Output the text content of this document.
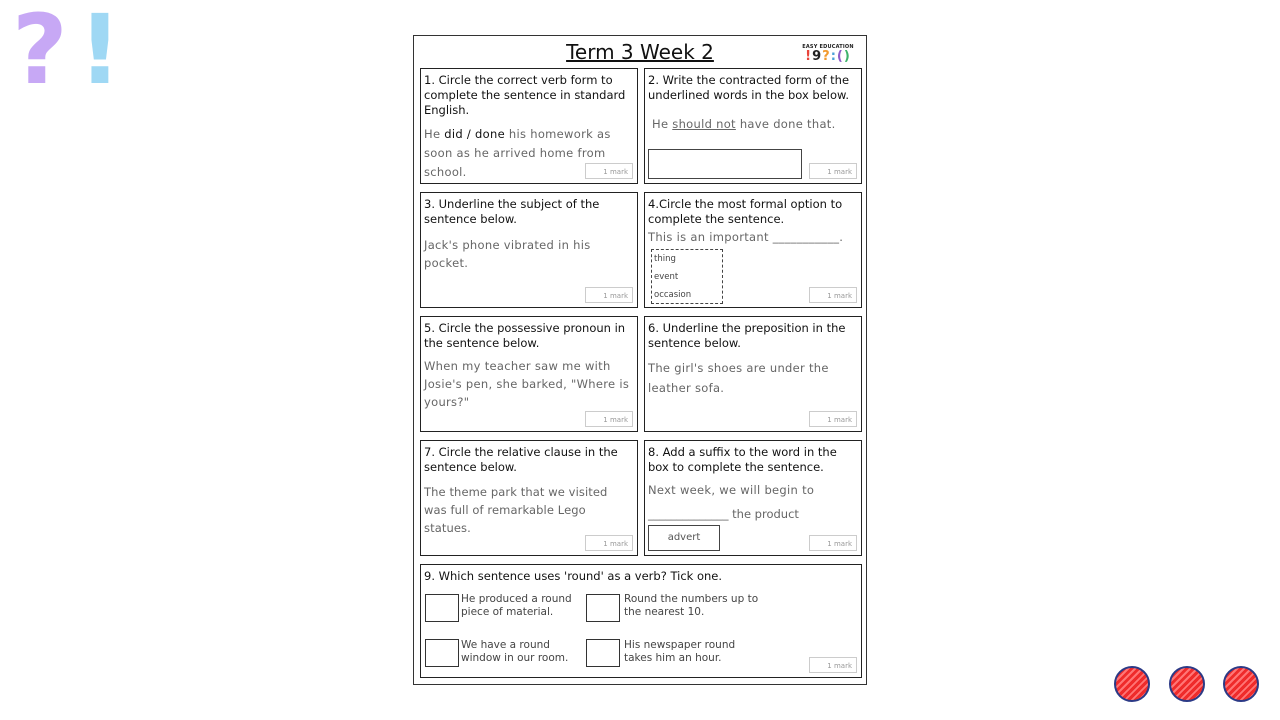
? !	Term 3 Week 2	EASY EDUCATION
!9?:()
1. Circle the correct verb form to complete the sentence in standard English.
He did / done his homework as soon as he arrived home from school.	1 mark
2. Write the contracted form of the underlined words in the box below.
He should not have done that.
1 mark
3. Underline the subject of the sentence below.
Jack's phone vibrated in his pocket.
1 mark
4.Circle the most formal option to complete the sentence.
This is an important ___________.
thing
event
occasion	1 mark
5. Circle the possessive pronoun in the sentence below.
When my teacher saw me with Josie's pen, she barked, "Where is yours?"
1 mark
6. Underline the preposition in the sentence below.
The girl's shoes are under the leather sofa.
1 mark
7. Circle the relative clause in the sentence below.
The theme park that we visited was full of remarkable Lego statues.
1 mark
8. Add a suffix to the word in the box to complete the sentence.
Next week, we will begin to
______________ the product
advert
1 mark
9. Which sentence uses 'round' as a verb? Tick one.
He produced a round piece of material.
Round the numbers up to the nearest 10.
We have a round window in our room.
His newspaper round takes him an hour.
1 mark
